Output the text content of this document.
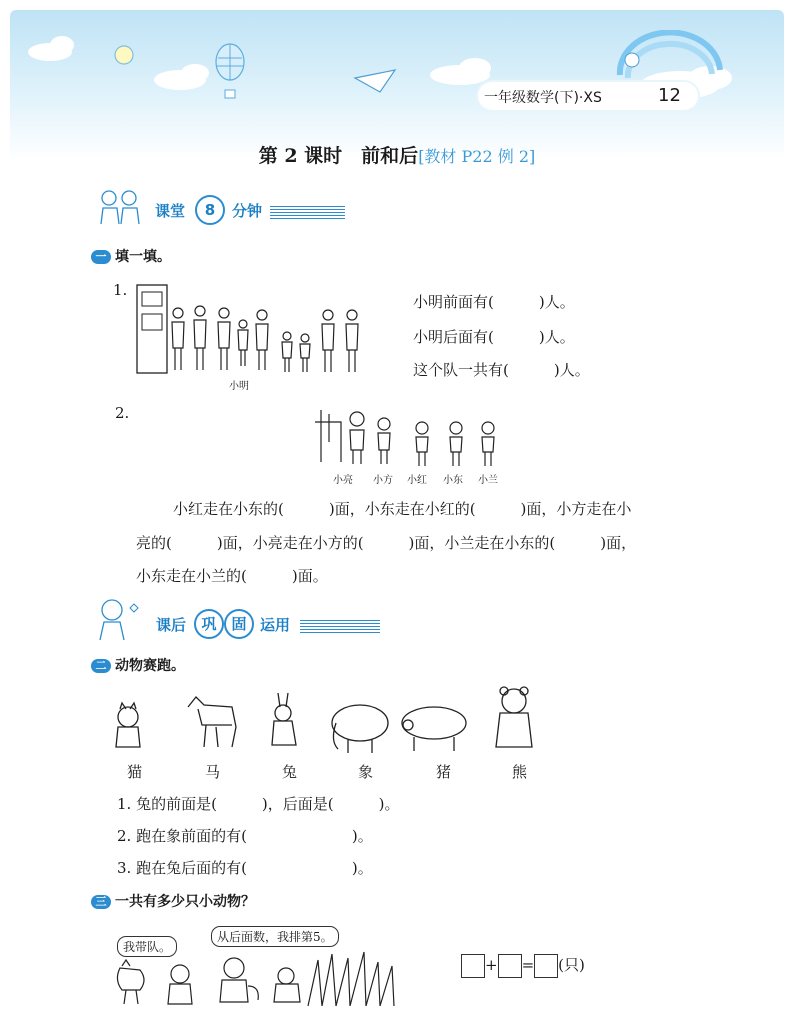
一年级数学(下)·XS	12
第 2 课时　前和后[教材 P22 例 2]
课堂	8	分钟
一 填一填。
1.
小明
小明前面有(　　　)人。
小明后面有(　　　)人。
这个队一共有(　　　)人。
2.
小亮 小方 小红 小东 小兰
小红走在小东的(　　　)面，小东走在小红的(　　　)面，小方走在小
亮的(　　　)面，小亮走在小方的(　　　)面，小兰走在小东的(　　　)面，
小东走在小兰的(　　　)面。
课后	巩 固 运用
二 动物赛跑。
猫	马	兔	象	猪	熊
1. 兔的前面是(　　　)，后面是(　　　)。
2. 跑在象前面的有(　　　　　　　)。
3. 跑在兔后面的有(　　　　　　　)。
三 一共有多少只小动物？
我带队。
从后面数，我排第5。
+ = (只)
